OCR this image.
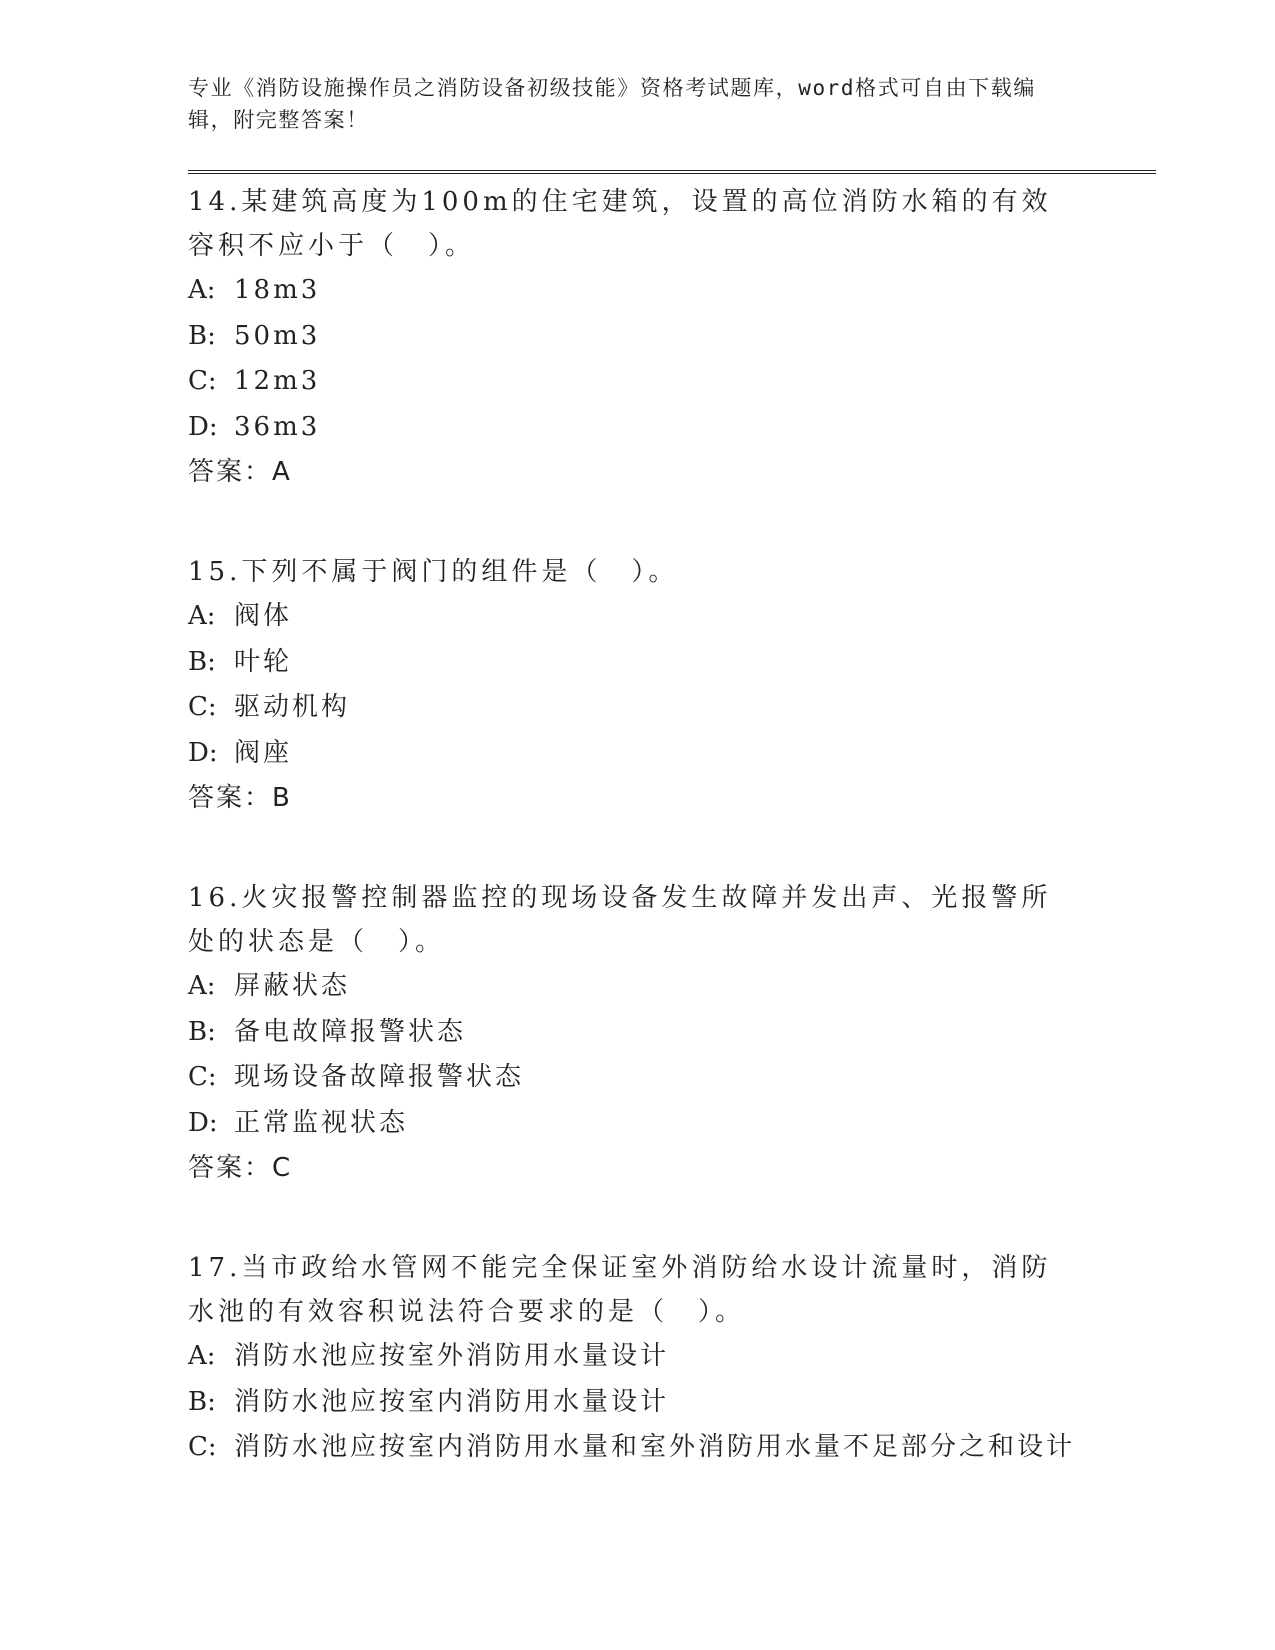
专业《消防设施操作员之消防设备初级技能》资格考试题库，word格式可自由下载编辑，附完整答案！

14.某建筑高度为100m的住宅建筑，设置的高位消防水箱的有效容积不应小于（　）。

A: 18m3

B: 50m3

C: 12m3

D: 36m3

答案：A

15.下列不属于阀门的组件是（　）。

A: 阀体

B: 叶轮

C: 驱动机构

D: 阀座

答案：B

16.火灾报警控制器监控的现场设备发生故障并发出声、光报警所处的状态是（　）。

A: 屏蔽状态

B: 备电故障报警状态

C: 现场设备故障报警状态

D: 正常监视状态

答案：C

17.当市政给水管网不能完全保证室外消防给水设计流量时，消防水池的有效容积说法符合要求的是（　）。

A: 消防水池应按室外消防用水量设计

B: 消防水池应按室内消防用水量设计

C: 消防水池应按室内消防用水量和室外消防用水量不足部分之和设计
